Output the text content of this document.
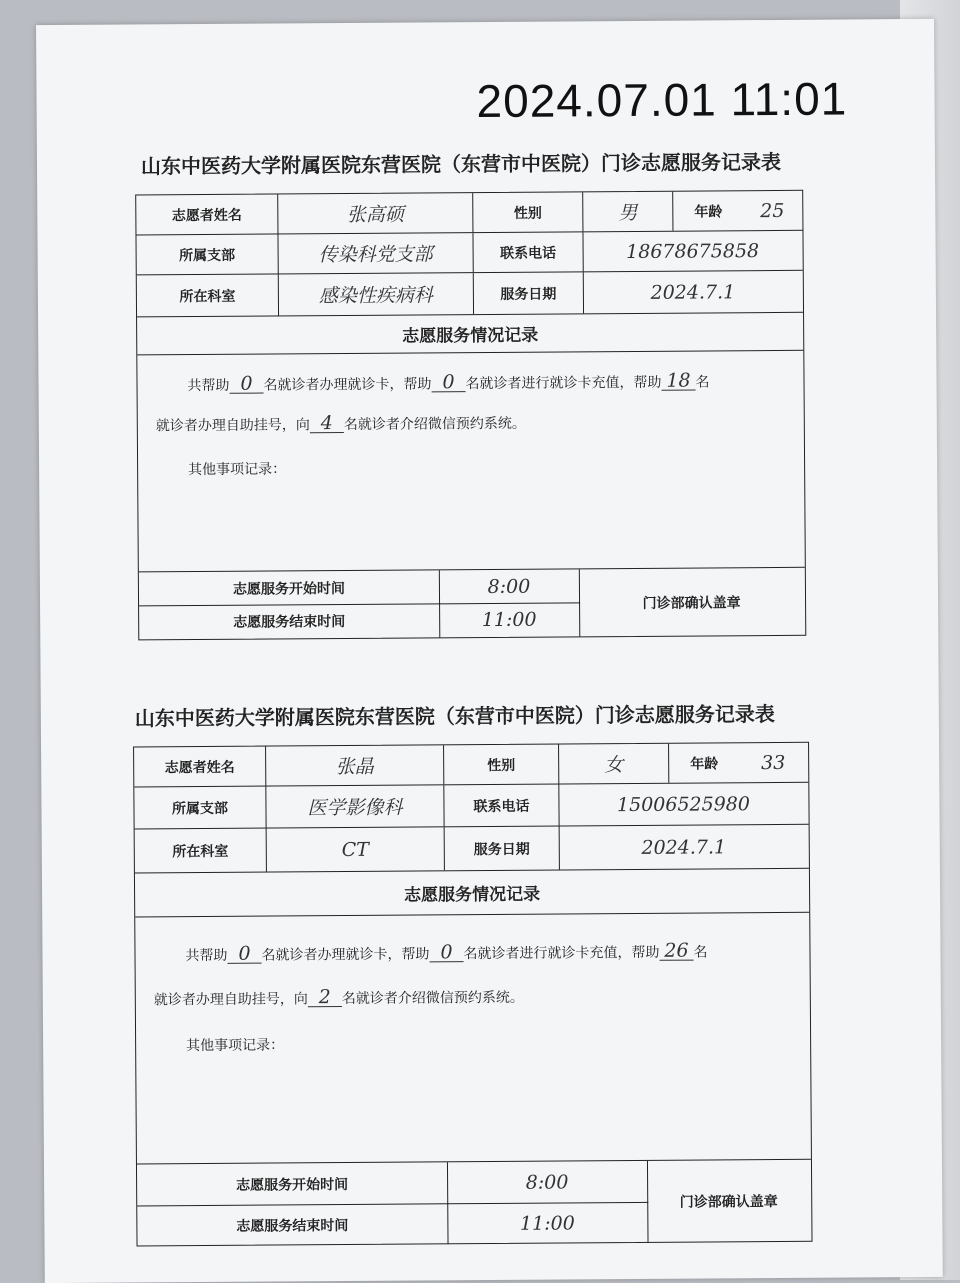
2024.07.01 11:01
山东中医药大学附属医院东营医院（东营市中医院）门诊志愿服务记录表
志愿者姓名	张高硕	性别	男	年龄	25
所属支部	传染科党支部	联系电话	18678675858
所在科室	感染性疾病科	服务日期	2024.7.1
志愿服务情况记录

共帮助 0 名就诊者办理就诊卡，帮助 0 名就诊者进行就诊卡充值，帮助 18 名

就诊者办理自助挂号，向 4 名就诊者介绍微信预约系统。

其他事项记录：

志愿服务开始时间	8:00
志愿服务结束时间	11:00
门诊部确认盖章
山东中医药大学附属医院东营医院（东营市中医院）门诊志愿服务记录表
志愿者姓名	张晶	性别	女	年龄	33
所属支部	医学影像科	联系电话	15006525980
所在科室	CT	服务日期	2024.7.1
志愿服务情况记录

共帮助 0 名就诊者办理就诊卡，帮助 0 名就诊者进行就诊卡充值，帮助 26 名

就诊者办理自助挂号，向 2 名就诊者介绍微信预约系统。

其他事项记录：

志愿服务开始时间	8:00
志愿服务结束时间	11:00
门诊部确认盖章
